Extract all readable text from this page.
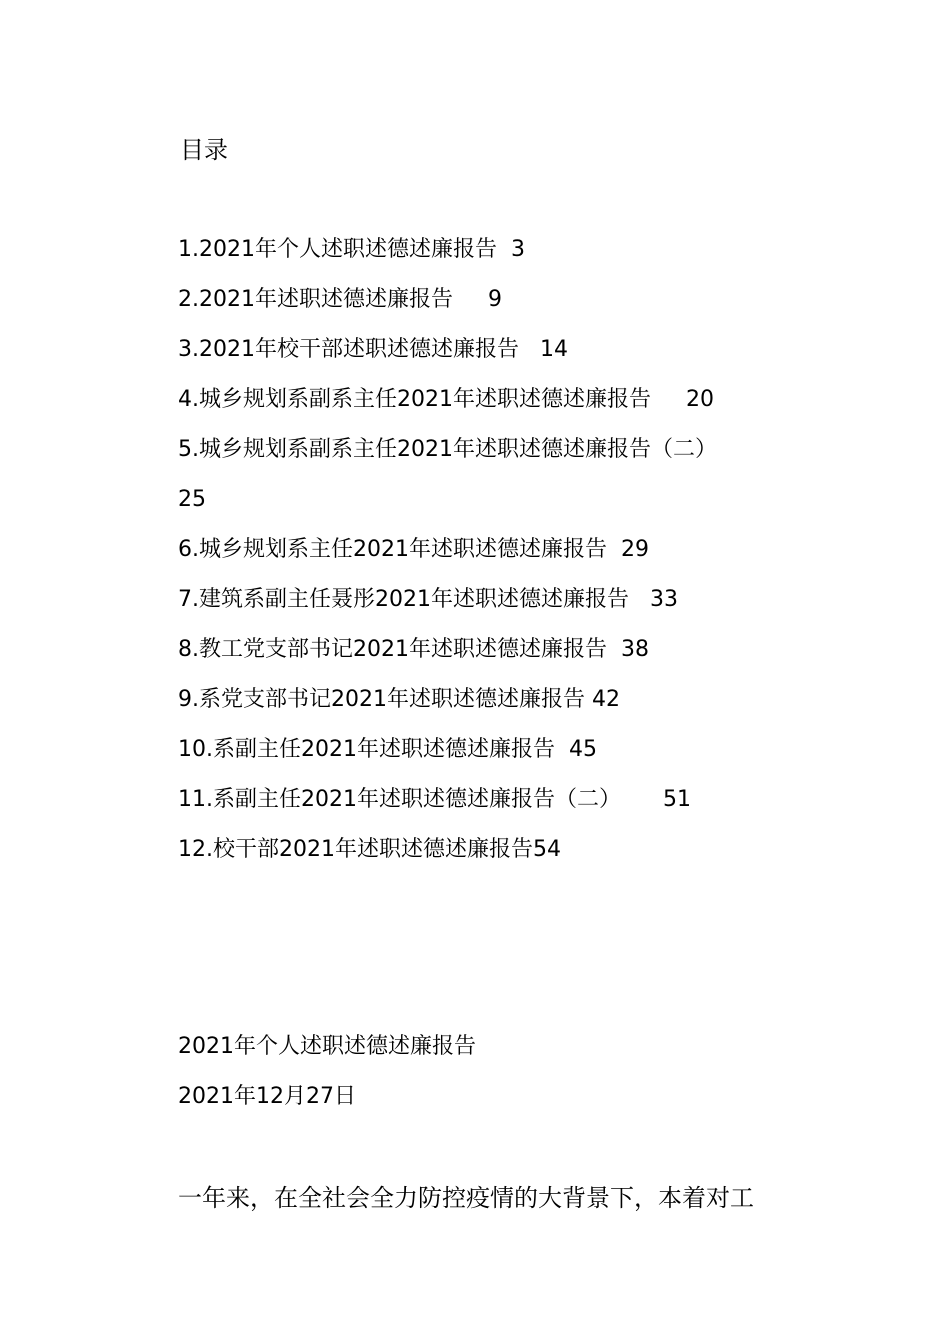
目录
1.2021年个人述职述德述廉报告 3
2.2021年述职述德述廉报告 9
3.2021年校干部述职述德述廉报告 14
4.城乡规划系副系主任2021年述职述德述廉报告 20
5.城乡规划系副系主任2021年述职述德述廉报告（二）
25
6.城乡规划系主任2021年述职述德述廉报告 29
7.建筑系副主任聂彤2021年述职述德述廉报告 33
8.教工党支部书记2021年述职述德述廉报告 38
9.系党支部书记2021年述职述德述廉报告 42
10.系副主任2021年述职述德述廉报告 45
11.系副主任2021年述职述德述廉报告（二） 51
12.校干部2021年述职述德述廉报告54
2021年个人述职述德述廉报告
2021年12月27日
一年来，在全社会全力防控疫情的大背景下，本着对工
